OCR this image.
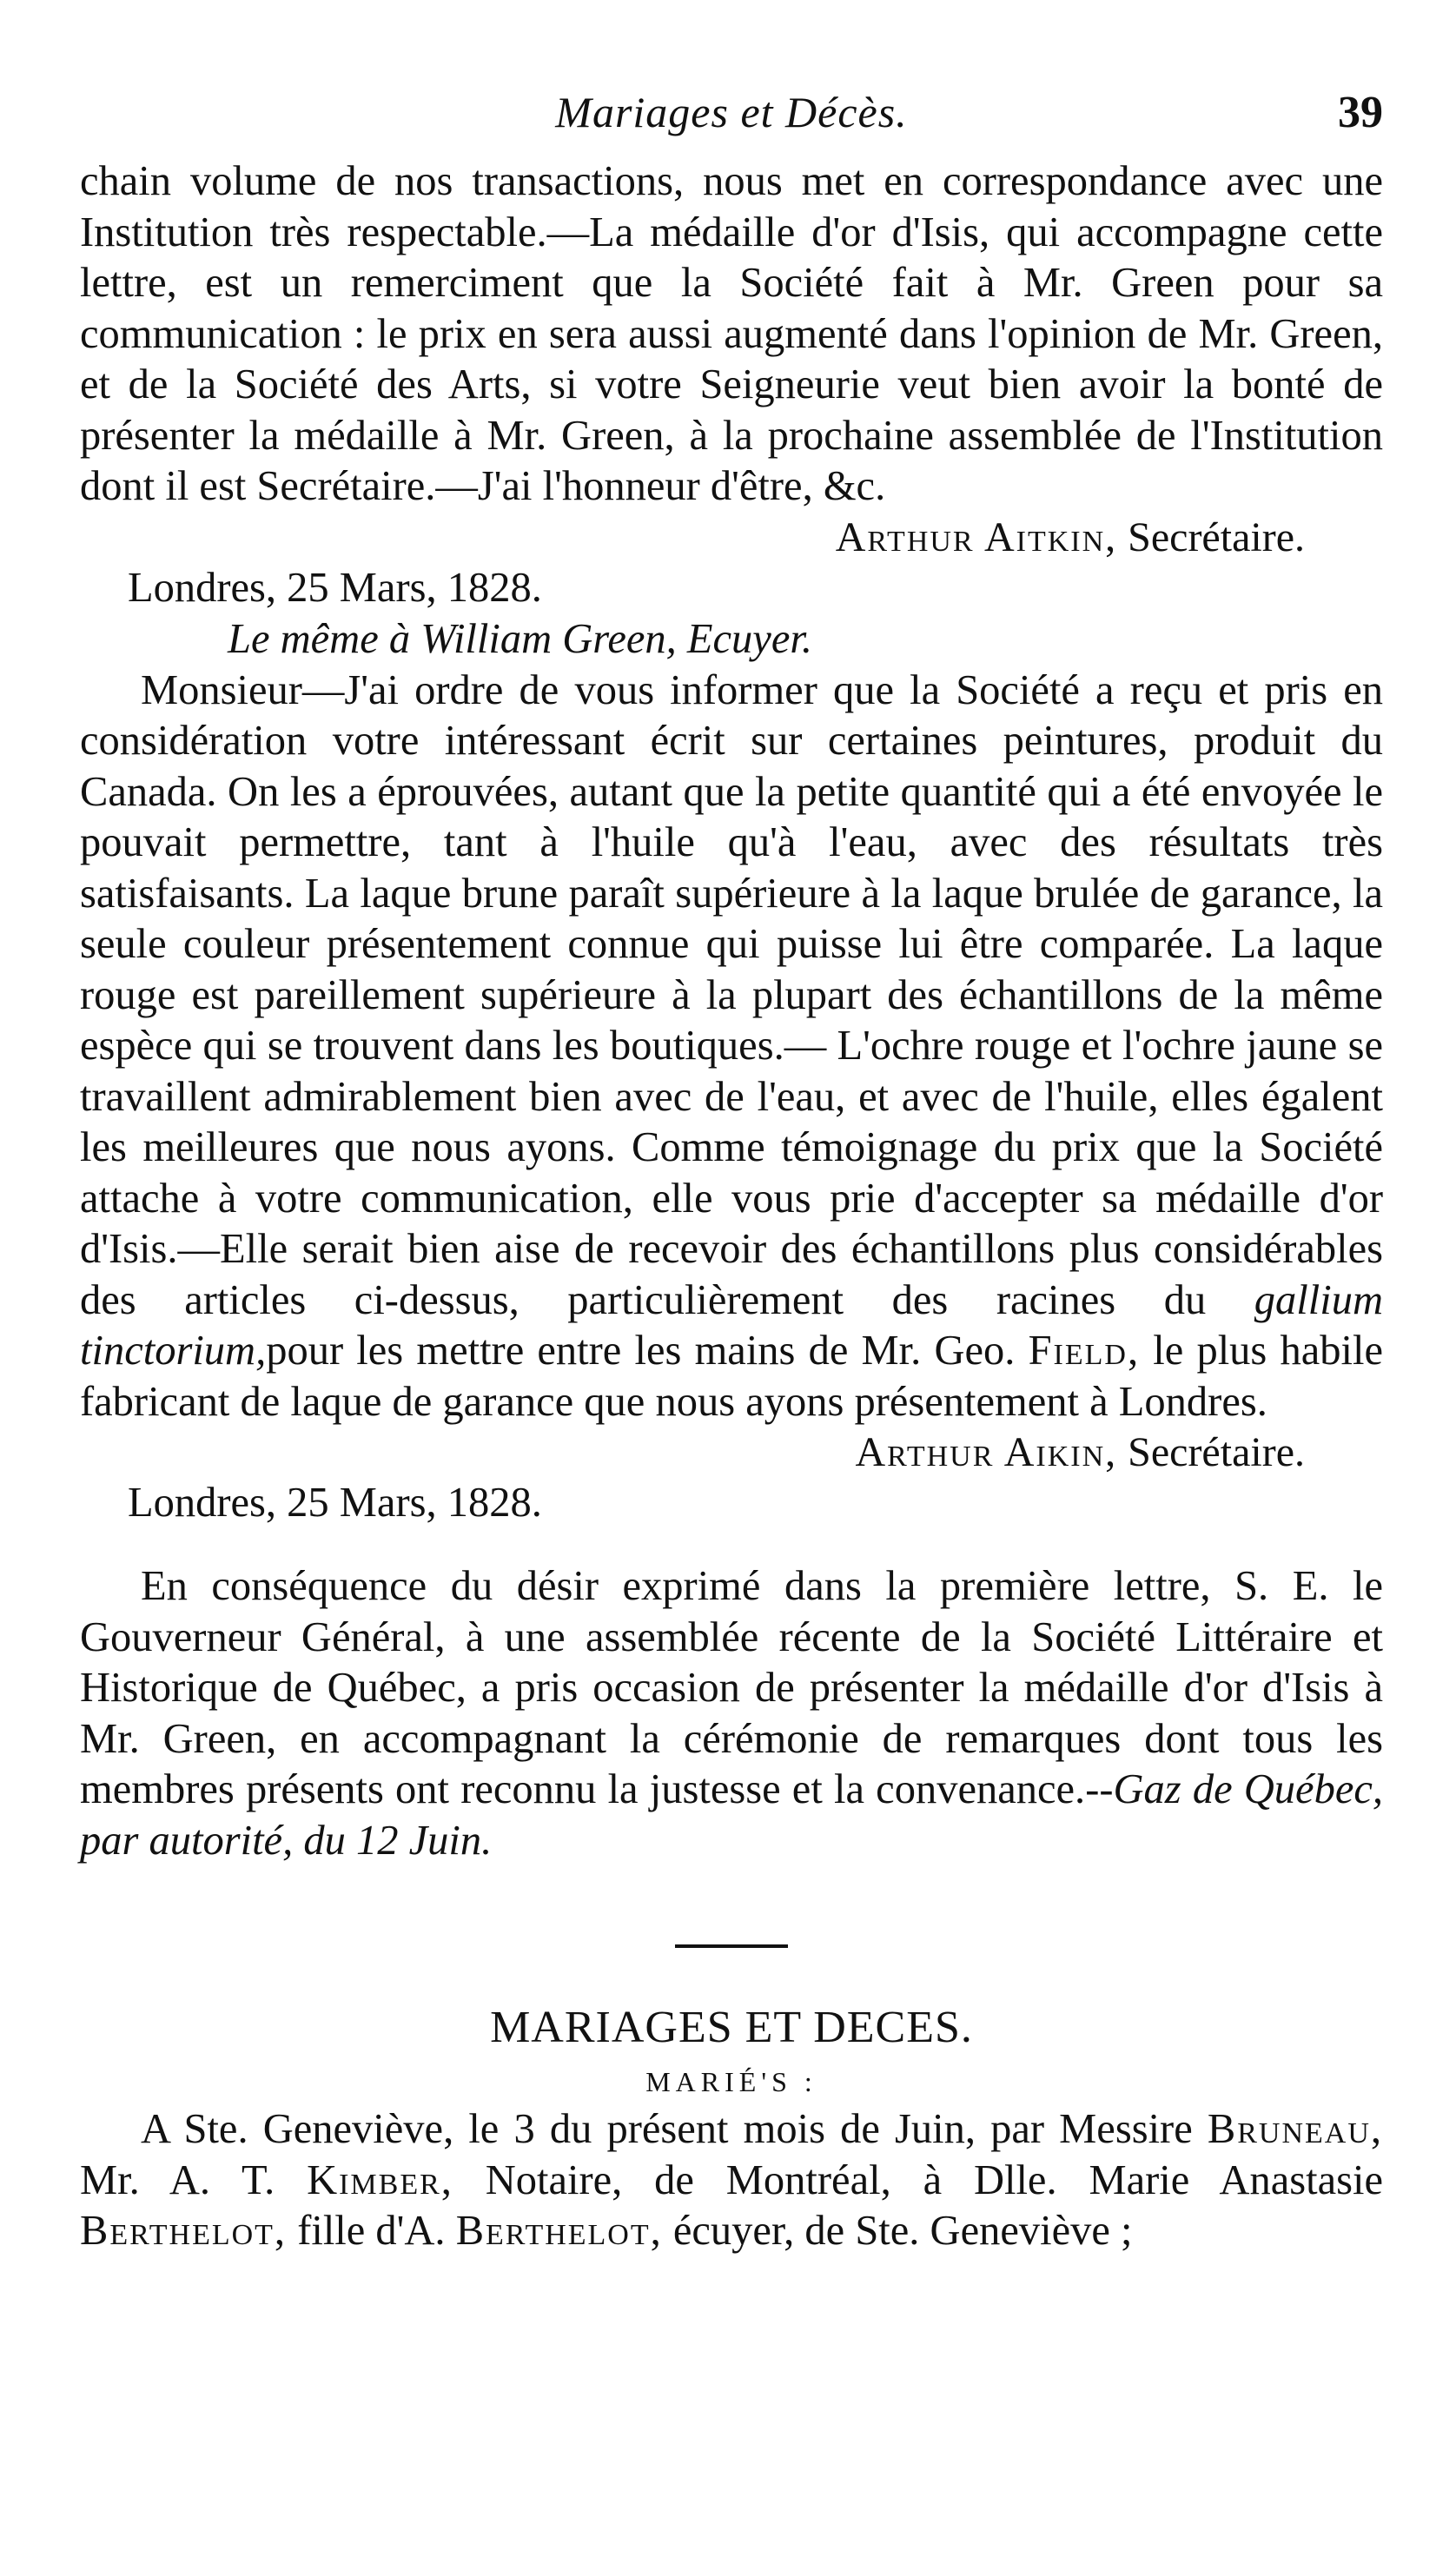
Mariages et Décès.	39

chain volume de nos transactions, nous met en correspondance avec une Institution très respectable.—La médaille d'or d'Isis, qui accompagne cette lettre, est un remerciment que la Société fait à Mr. Green pour sa communication : le prix en sera aussi augmenté dans l'opinion de Mr. Green, et de la Société des Arts, si votre Seigneurie veut bien avoir la bonté de présenter la médaille à Mr. Green, à la prochaine assemblée de l'Institution dont il est Secrétaire.—J'ai l'honneur d'être, &c.

Arthur Aitkin, Secrétaire.
Londres, 25 Mars, 1828.
Le même à William Green, Ecuyer.

Monsieur—J'ai ordre de vous informer que la Société a reçu et pris en considération votre intéressant écrit sur certaines peintures, produit du Canada. On les a éprouvées, autant que la petite quantité qui a été envoyée le pouvait permettre, tant à l'huile qu'à l'eau, avec des résultats très satisfaisants. La laque brune paraît supérieure à la laque brulée de garance, la seule couleur présentement connue qui puisse lui être comparée. La laque rouge est pareillement supérieure à la plupart des échantillons de la même espèce qui se trouvent dans les boutiques.— L'ochre rouge et l'ochre jaune se travaillent admirablement bien avec de l'eau, et avec de l'huile, elles égalent les meilleures que nous ayons. Comme témoignage du prix que la Société attache à votre communication, elle vous prie d'accepter sa médaille d'or d'Isis.—Elle serait bien aise de recevoir des échantillons plus considérables des articles ci-dessus, particulièrement des racines du gallium tinctorium,pour les mettre entre les mains de Mr. Geo. Field, le plus habile fabricant de laque de garance que nous ayons présentement à Londres.

Arthur Aikin, Secrétaire.
Londres, 25 Mars, 1828.

En conséquence du désir exprimé dans la première lettre, S. E. le Gouverneur Général, à une assemblée récente de la Société Littéraire et Historique de Québec, a pris occasion de présenter la médaille d'or d'Isis à Mr. Green, en accompagnant la cérémonie de remarques dont tous les membres présents ont reconnu la justesse et la convenance.--Gaz de Québec, par autorité, du 12 Juin.

MARIAGES ET DECES.
MARIÉ'S :

A Ste. Geneviève, le 3 du présent mois de Juin, par Messire Bruneau, Mr. A. T. Kimber, Notaire, de Montréal, à Dlle. Marie Anastasie Berthelot, fille d'A. Berthelot, écuyer, de Ste. Geneviève ;
